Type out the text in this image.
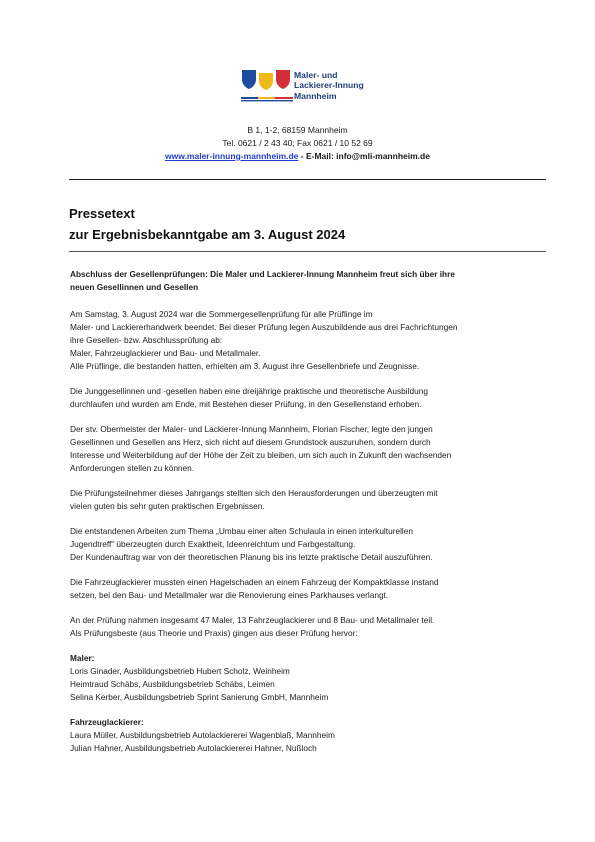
Maler- und
Lackierer-Innung
Mannheim
B 1, 1-2, 68159 Mannheim
Tel. 0621 / 2 43 40; Fax 0621 / 10 52 69
www.maler-innung-mannheim.de - E-Mail: info@mli-mannheim.de
Pressetext
zur Ergebnisbekanntgabe am 3. August 2024

Abschluss der Gesellenprüfungen: Die Maler und Lackierer-Innung Mannheim freut sich über ihre
neuen Gesellinnen und Gesellen

Am Samstag, 3. August 2024 war die Sommergesellenprüfung für alle Prüflinge im
Maler- und Lackiererhandwerk beendet. Bei dieser Prüfung legen Auszubildende aus drei Fachrichtungen
ihre Gesellen- bzw. Abschlussprüfung ab:
Maler, Fahrzeuglackierer und Bau- und Metallmaler.
Alle Prüflinge, die bestanden hatten, erhielten am 3. August ihre Gesellenbriefe und Zeugnisse.

Die Junggesellinnen und -gesellen haben eine dreijährige praktische und theoretische Ausbildung
durchlaufen und wurden am Ende, mit Bestehen dieser Prüfung, in den Gesellenstand erhoben.

Der stv. Obermeister der Maler- und Lackierer-Innung Mannheim, Florian Fischer, legte den jungen
Gesellinnen und Gesellen ans Herz, sich nicht auf diesem Grundstock auszuruhen, sondern durch
Interesse und Weiterbildung auf der Höhe der Zeit zu bleiben, um sich auch in Zukunft den wachsenden
Anforderungen stellen zu können.

Die Prüfungsteilnehmer dieses Jahrgangs stellten sich den Herausforderungen und überzeugten mit
vielen guten bis sehr guten praktischen Ergebnissen.

Die entstandenen Arbeiten zum Thema „Umbau einer alten Schulaula in einen interkulturellen
Jugendtreff“ überzeugten durch Exaktheit, Ideenreichtum und Farbgestaltung.
Der Kundenauftrag war von der theoretischen Planung bis ins letzte praktische Detail auszuführen.

Die Fahrzeuglackierer mussten einen Hagelschaden an einem Fahrzeug der Kompaktklasse instand
setzen, bei den Bau- und Metallmaler war die Renovierung eines Parkhauses verlangt.

An der Prüfung nahmen insgesamt 47 Maler, 13 Fahrzeuglackierer und 8 Bau- und Metallmaler teil.
Als Prüfungsbeste (aus Theorie und Praxis) gingen aus dieser Prüfung hervor:

Maler:
Loris Ginader, Ausbildungsbetrieb Hubert Scholz, Weinheim
Heimtraud Schäbs, Ausbildungsbetrieb Schäbs, Leimen
Selina Kerber, Ausbildungsbetrieb Sprint Sanierung GmbH, Mannheim
Fahrzeuglackierer:
Laura Müller, Ausbildungsbetrieb Autolackiererei Wagenblaß, Mannheim
Julian Hahner, Ausbildungsbetrieb Autolackiererei Hahner, Nußloch
